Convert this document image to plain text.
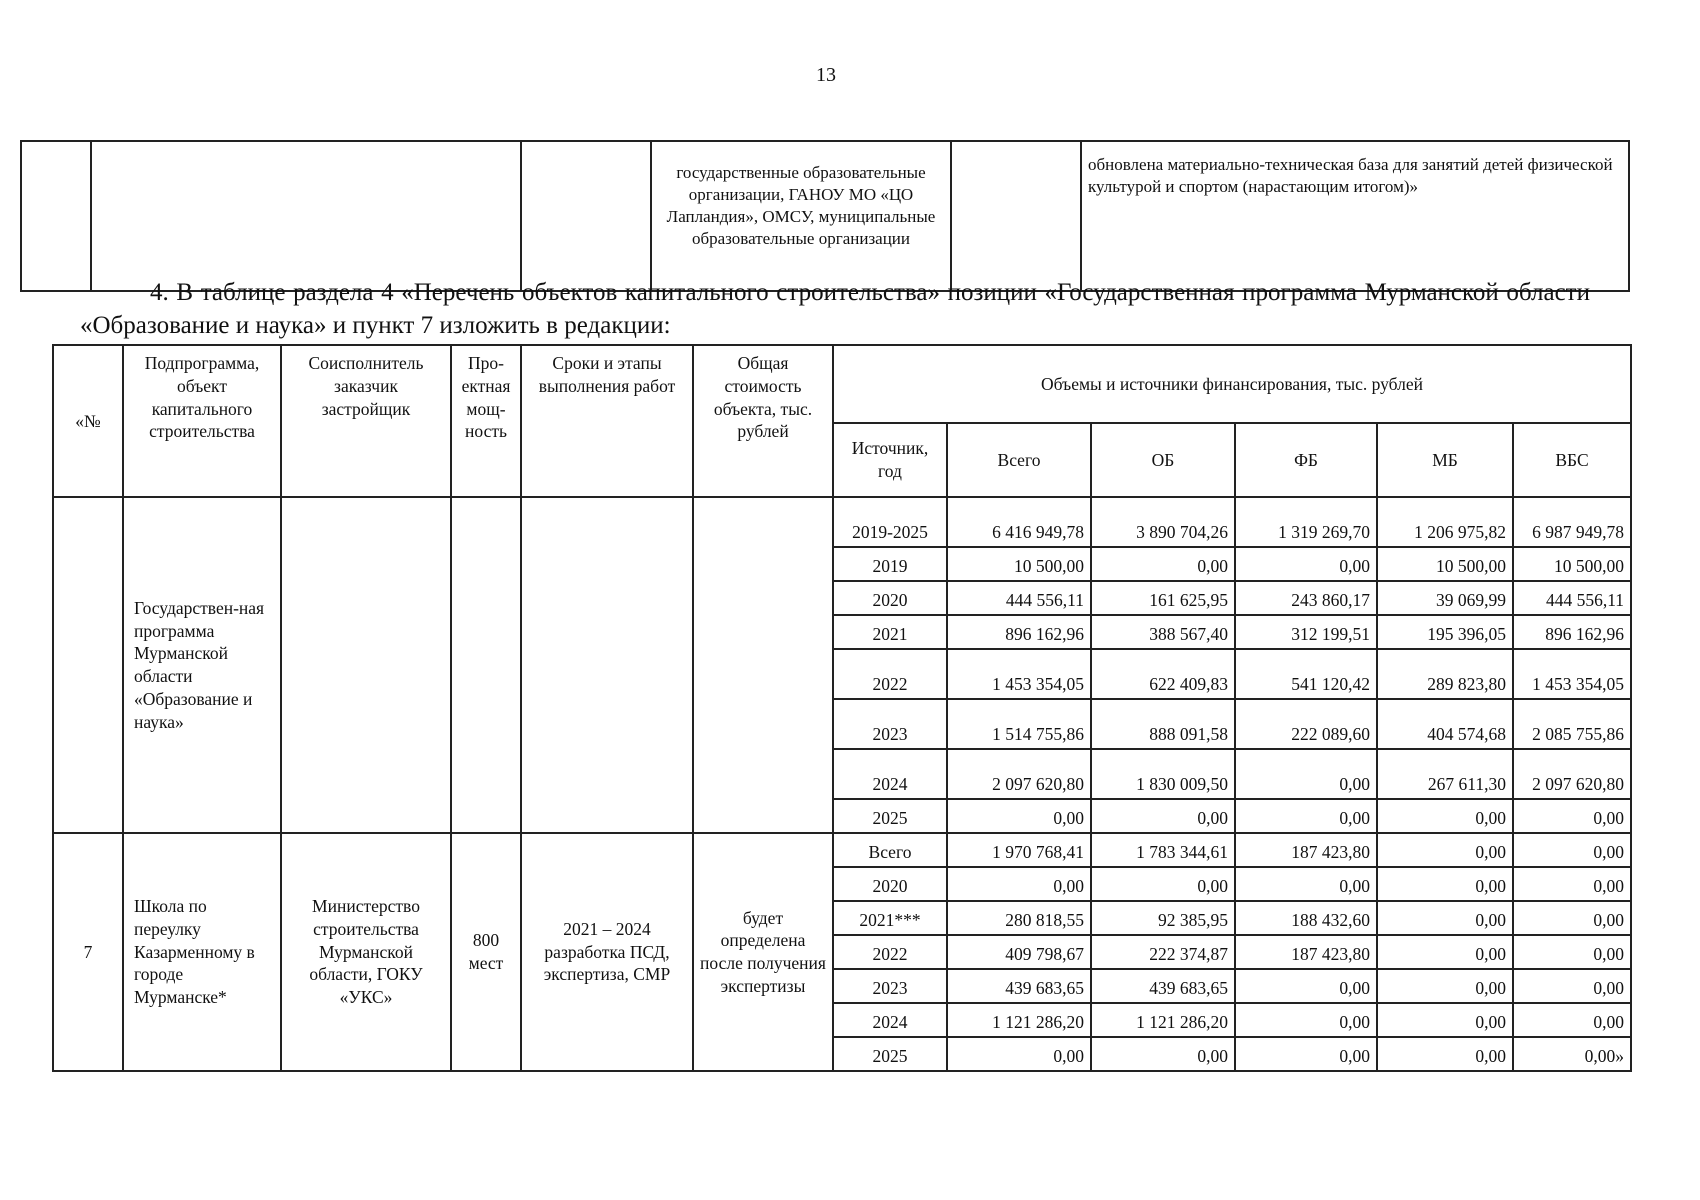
13
			государственные образовательные организации, ГАНОУ МО «ЦО Лапландия», ОМСУ, муниципальные образовательные организации		обновлена материально-техническая база для занятий детей физической культурой и спортом (нарастающим итогом)»
4. В таблице раздела 4 «Перечень объектов капитального строительства» позиции «Государственная программа Мурманской области «Образование и наука» и пункт 7 изложить в редакции:
«№	Подпрограмма, объект капитального строительства	Соисполнитель заказчик застройщик	Про-ектная мощ-ность	Сроки и этапы выполнения работ	Общая стоимость объекта, тыс. рублей	Объемы и источники финансирования, тыс. рублей					
						Источник, год	Всего	ОБ	ФБ	МБ	ВБС
	Государствен-ная программа Мурманской области «Образование и наука»					2019-2025	6 416 949,78	3 890 704,26	1 319 269,70	1 206 975,82	6 987 949,78
						2019	10 500,00	0,00	0,00	10 500,00	10 500,00
						2020	444 556,11	161 625,95	243 860,17	39 069,99	444 556,11
						2021	896 162,96	388 567,40	312 199,51	195 396,05	896 162,96
						2022	1 453 354,05	622 409,83	541 120,42	289 823,80	1 453 354,05
						2023	1 514 755,86	888 091,58	222 089,60	404 574,68	2 085 755,86
						2024	2 097 620,80	1 830 009,50	0,00	267 611,30	2 097 620,80
						2025	0,00	0,00	0,00	0,00	0,00
7	Школа по переулку Казарменному в городе Мурманске*	Министерство строительства Мурманской области, ГОКУ «УКС»	800 мест	2021 – 2024 разработка ПСД, экспертиза, СМР	будет определена после получения экспертизы	Всего	1 970 768,41	1 783 344,61	187 423,80	0,00	0,00
						2020	0,00	0,00	0,00	0,00	0,00
						2021***	280 818,55	92 385,95	188 432,60	0,00	0,00
						2022	409 798,67	222 374,87	187 423,80	0,00	0,00
						2023	439 683,65	439 683,65	0,00	0,00	0,00
						2024	1 121 286,20	1 121 286,20	0,00	0,00	0,00
						2025	0,00	0,00	0,00	0,00	0,00»
